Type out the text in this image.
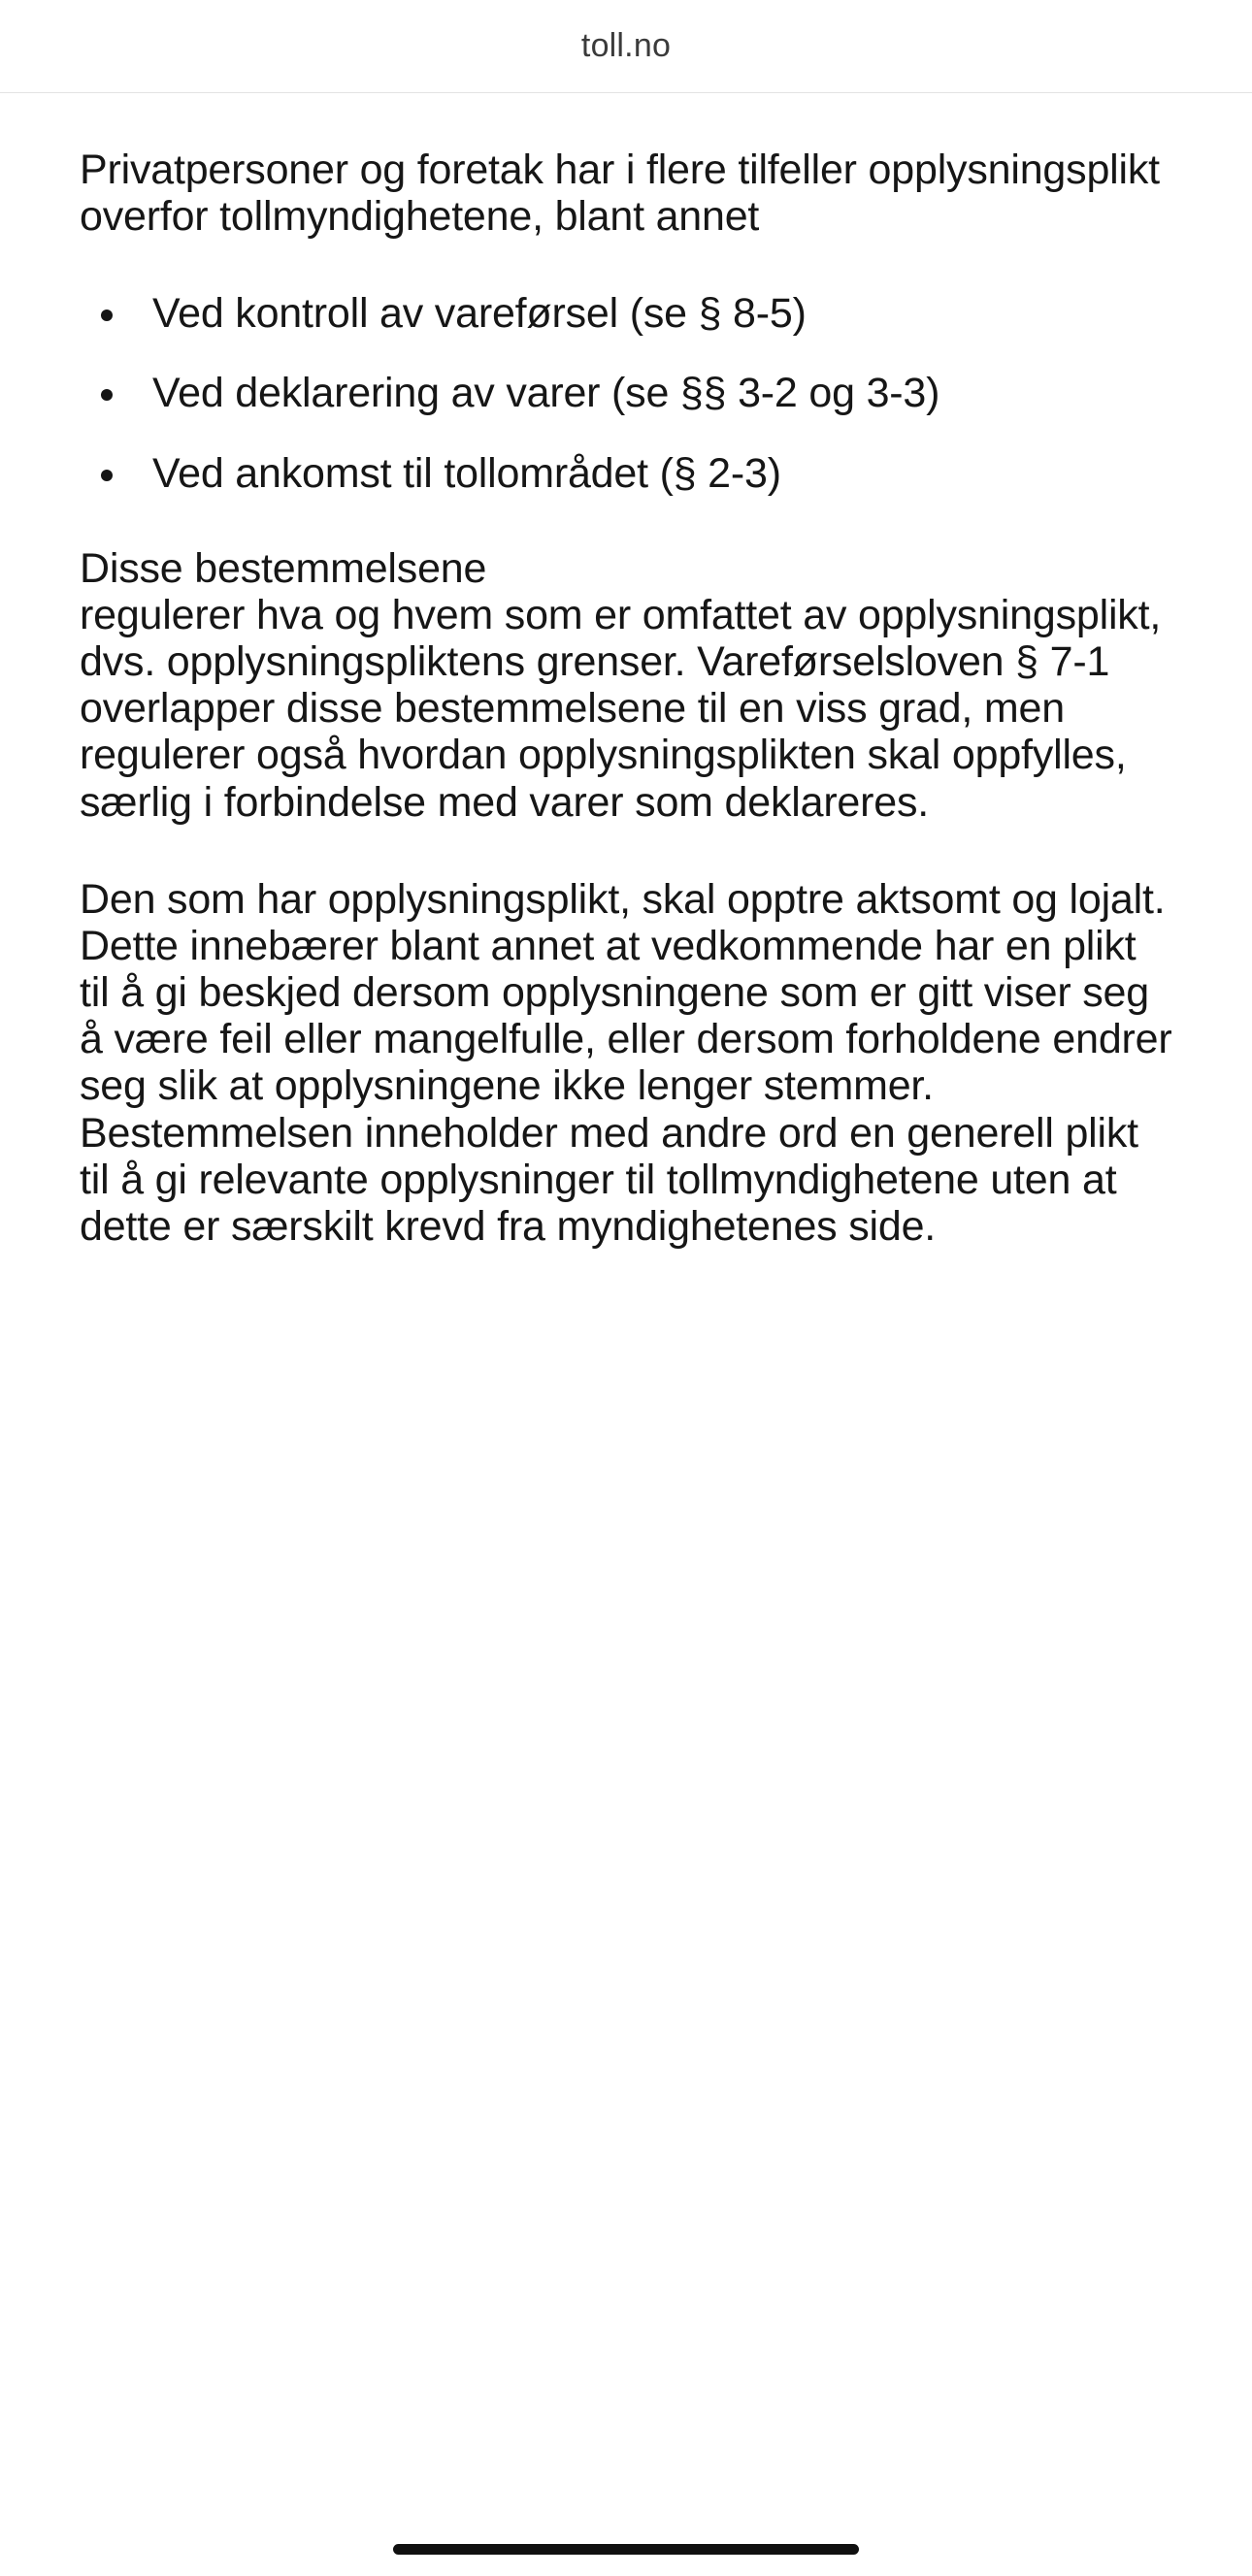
toll.no

Privatpersoner og foretak har i flere tilfeller opplysningsplikt overfor tollmyndighetene, blant annet

Ved kontroll av vareførsel (se § 8-5)
Ved deklarering av varer (se §§ 3-2 og 3-3)
Ved ankomst til tollområdet (§ 2-3)

Disse bestemmelsene
regulerer hva og hvem som er omfattet av opplysningsplikt, dvs. opplysningspliktens grenser. Vareførselsloven § 7-1 overlapper disse bestemmelsene til en viss grad, men regulerer også hvordan opplysningsplikten skal oppfylles, særlig i forbindelse med varer som deklareres.

Den som har opplysningsplikt, skal opptre aktsomt og lojalt. Dette innebærer blant annet at vedkommende har en plikt til å gi beskjed dersom opplysningene som er gitt viser seg å være feil eller mangelfulle, eller dersom forholdene endrer seg slik at opplysningene ikke lenger stemmer. Bestemmelsen inneholder med andre ord en generell plikt til å gi relevante opplysninger til tollmyndighetene uten at dette er særskilt krevd fra myndighetenes side.
